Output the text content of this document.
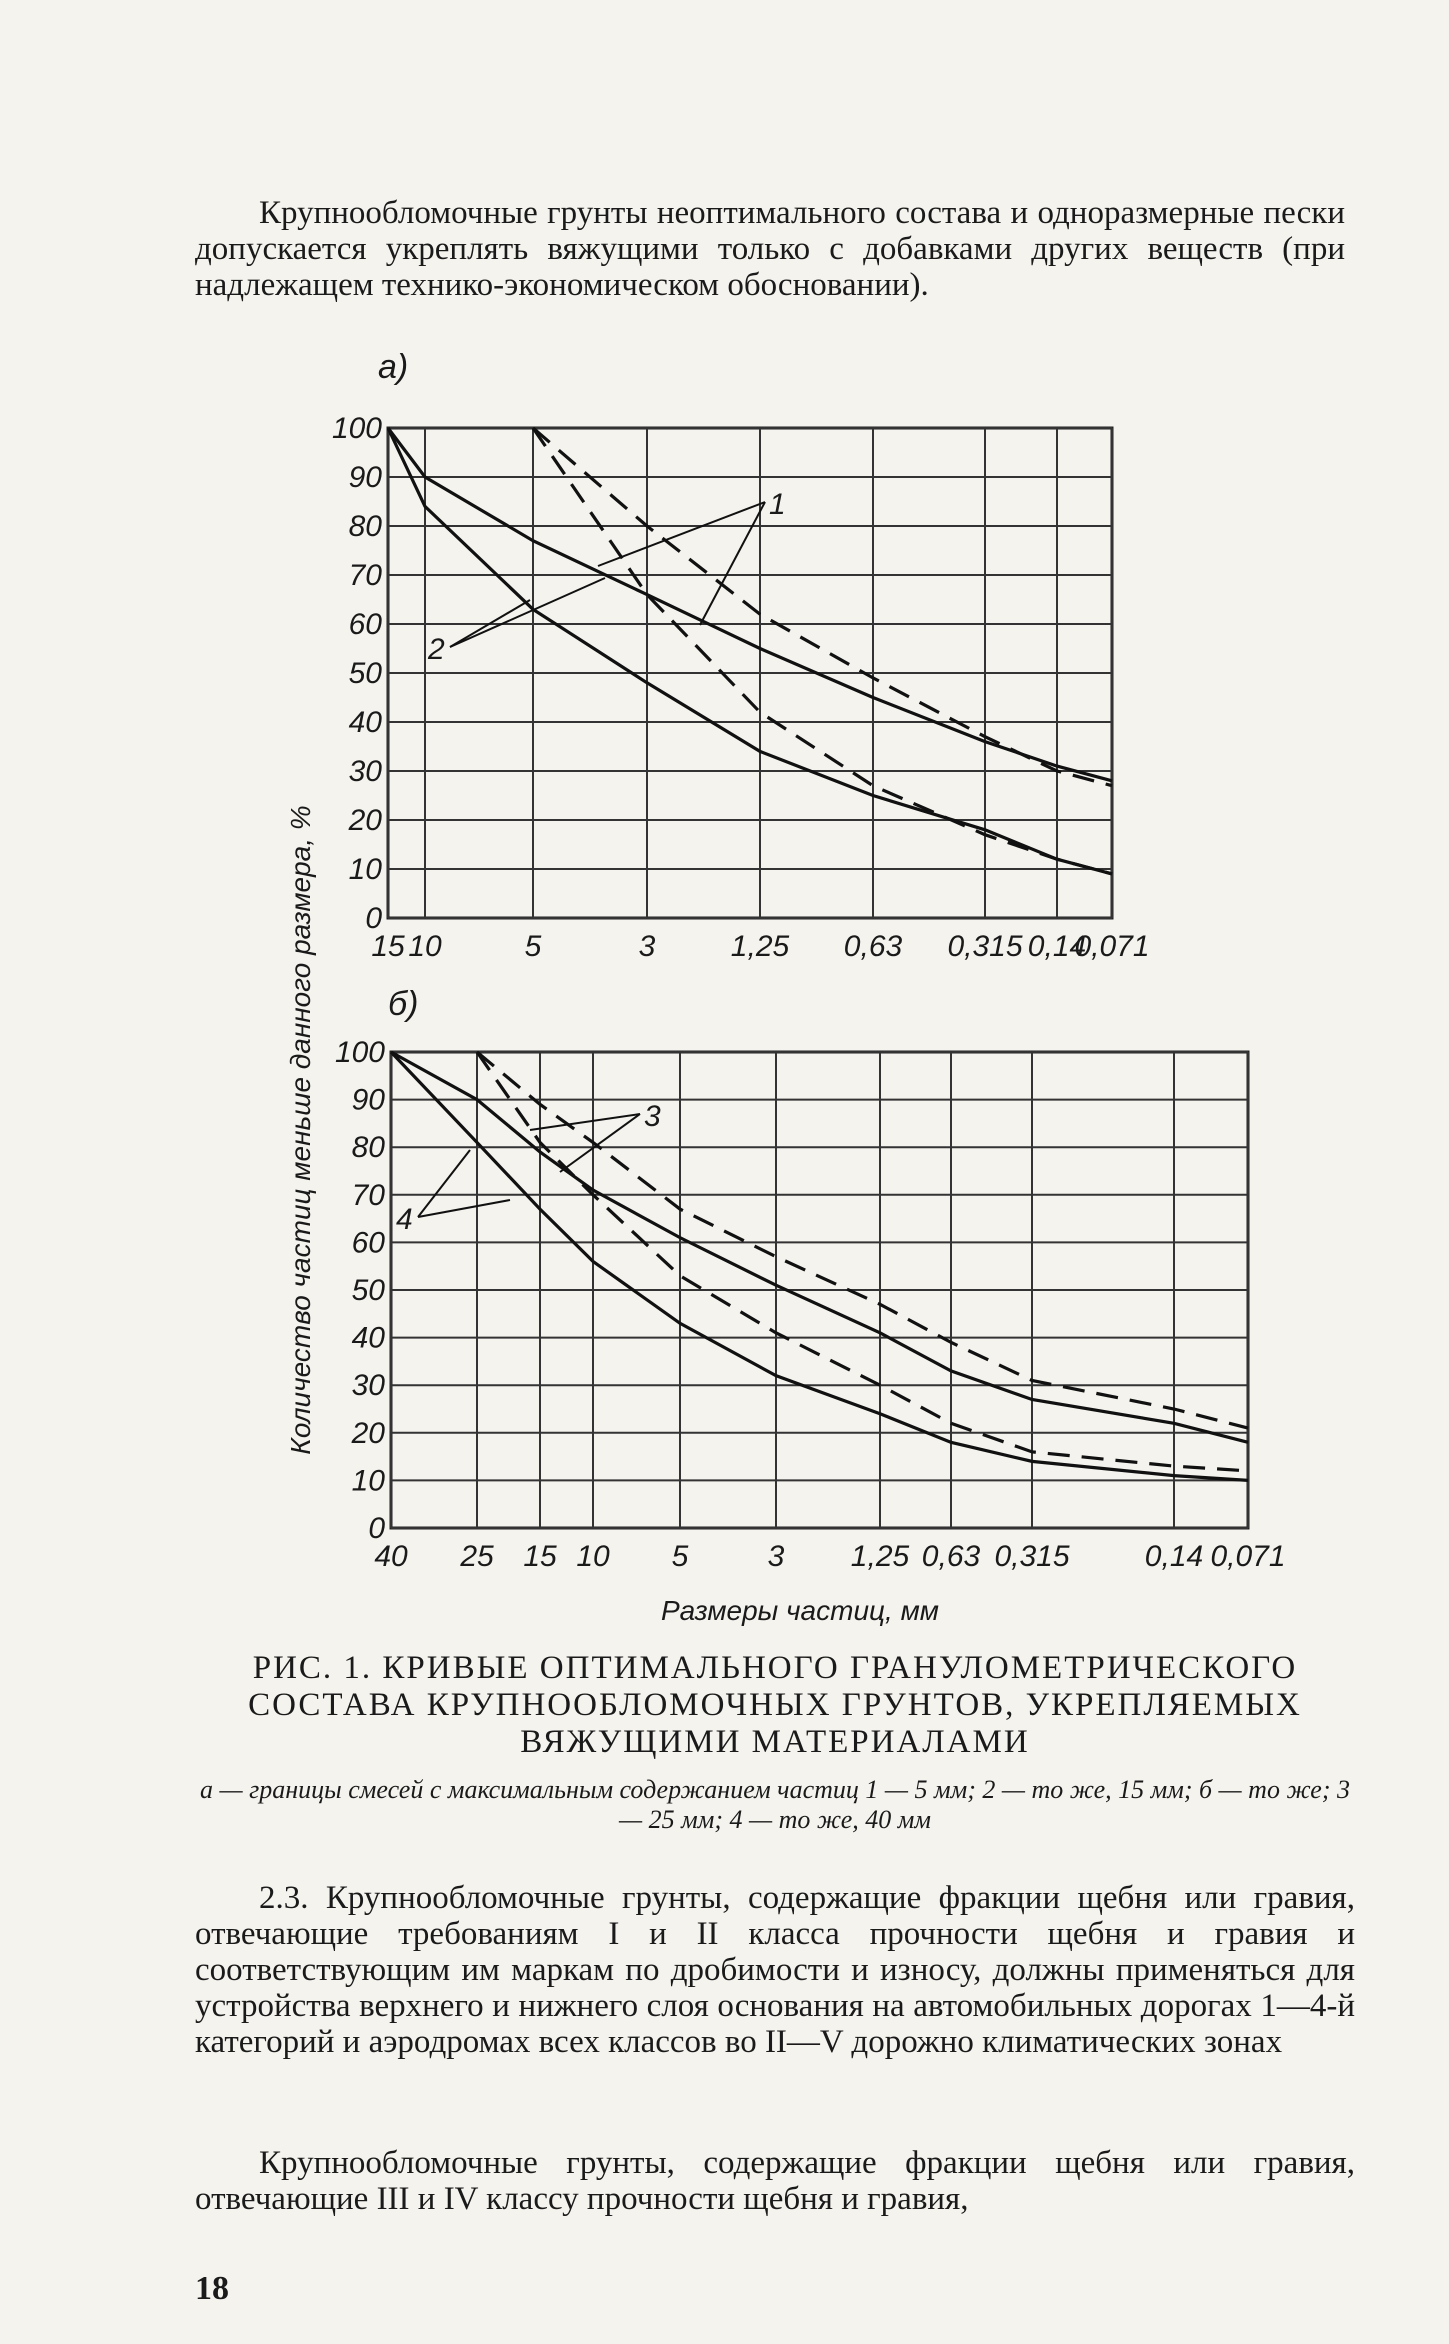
Крупнообломочные грунты неоптимального состава и одноразмерные пески допускается укреплять вяжущими только с добавками других веществ (при надлежащем технико-экономическом обосновании).

а)
0
10
20
30
40
50
60
70
80
90
100
15 10	5	3	1,25 0,63 0,315 0,14
0,071
1
2
б)
0
10
20
30
40
50
60
70
80
90
100
40 25 15 10 5	3 1,25 0,63 0,315	0,14 0,071
3
4
Количество частиц меньше данного размера, %
Размеры частиц, мм
РИС. 1. КРИВЫЕ ОПТИМАЛЬНОГО ГРАНУЛОМЕТРИЧЕСКОГО СОСТАВА КРУПНООБЛОМОЧНЫХ ГРУНТОВ, УКРЕПЛЯЕМЫХ ВЯЖУЩИМИ МАТЕРИАЛАМИ
а — границы смесей с максимальным содержанием частиц 1 — 5 мм; 2 — то же, 15 мм; б — то же; 3 — 25 мм; 4 — то же, 40 мм

2.3. Крупнообломочные грунты, содержащие фракции щебня или гравия, отвечающие требованиям I и II класса прочности щебня и гравия и соответствующим им маркам по дробимости и износу, должны применяться для устройства верхнего и нижнего слоя основания на автомобильных дорогах 1—4-й категорий и аэродромах всех классов во II—V дорожно климатических зонах

Крупнообломочные грунты, содержащие фракции щебня или гравия, отвечающие III и IV классу прочности щебня и гравия,

18
